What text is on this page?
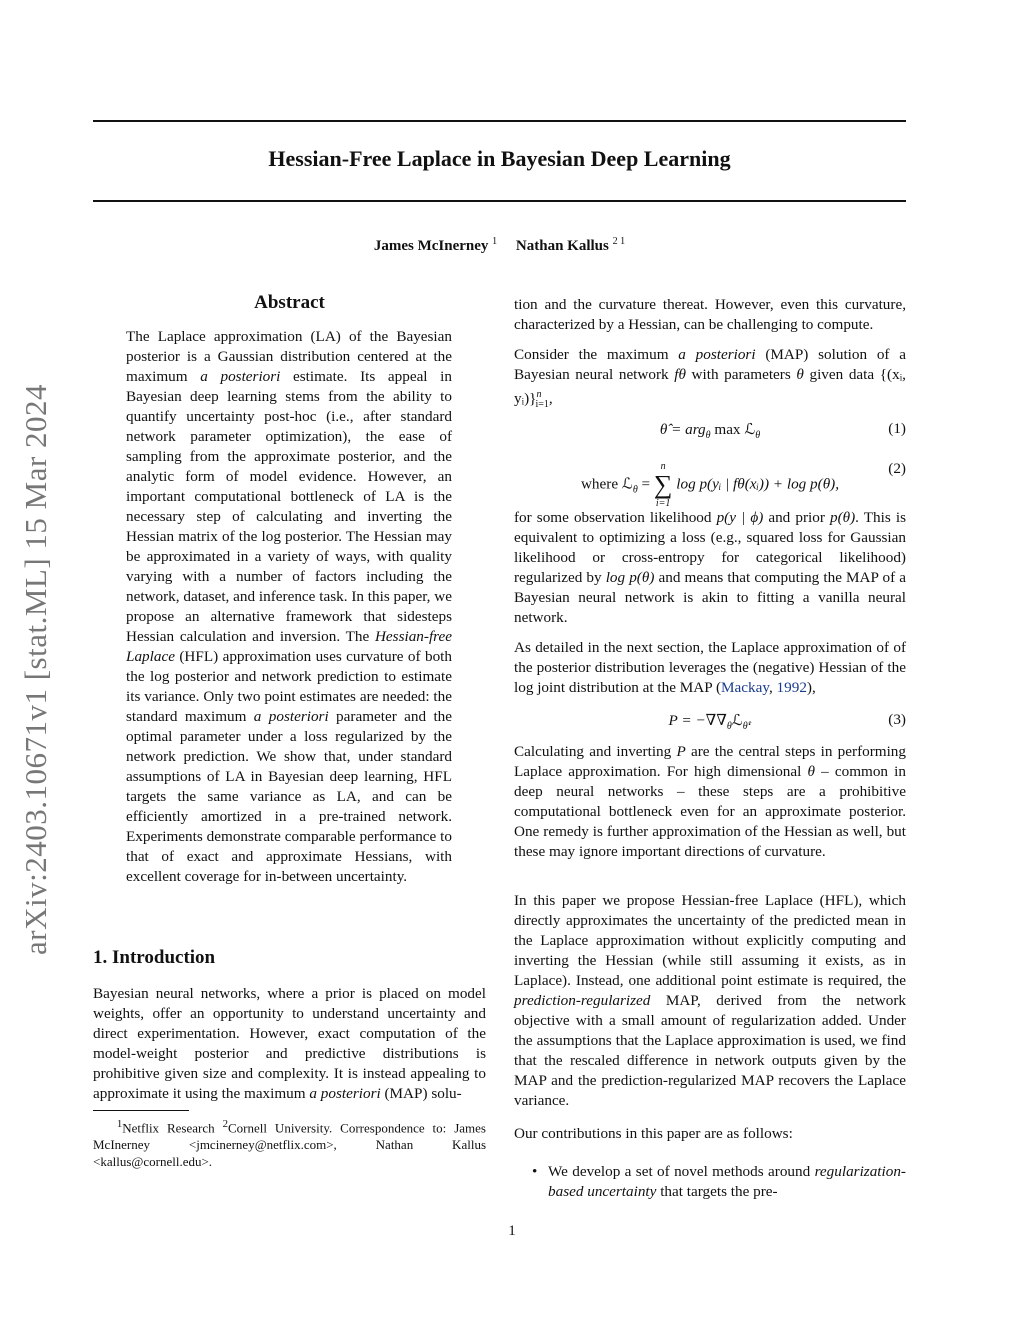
arXiv:2403.10671v1 [stat.ML] 15 Mar 2024
Hessian-Free Laplace in Bayesian Deep Learning
James McInerney $^1$ Nathan Kallus $^{2 1}$
Abstract
The Laplace approximation (LA) of the Bayesian posterior is a Gaussian distribution centered at the maximum a posteriori estimate. Its appeal in Bayesian deep learning stems from the ability to quantify uncertainty post-hoc (i.e., after standard network parameter optimization), the ease of sampling from the approximate posterior, and the analytic form of model evidence. However, an important computational bottleneck of LA is the necessary step of calculating and inverting the Hessian matrix of the log posterior. The Hessian may be approximated in a variety of ways, with quality varying with a number of factors including the network, dataset, and inference task. In this paper, we propose an alternative framework that sidesteps Hessian calculation and inversion. The Hessian-free Laplace (HFL) approximation uses curvature of both the log posterior and network prediction to estimate its variance. Only two point estimates are needed: the standard maximum a posteriori parameter and the optimal parameter under a loss regularized by the network prediction. We show that, under standard assumptions of LA in Bayesian deep learning, HFL targets the same variance as LA, and can be efficiently amortized in a pre-trained network. Experiments demonstrate comparable performance to that of exact and approximate Hessians, with excellent coverage for in-between uncertainty.
1. Introduction
Bayesian neural networks, where a prior is placed on model weights, offer an opportunity to understand uncertainty and direct experimentation. However, exact computation of the model-weight posterior and predictive distributions is prohibitive given size and complexity. It is instead appealing to approximate it using the maximum a posteriori (MAP) solu-
$^1$Netflix Research $^2$Cornell University. Correspondence to: James McInerney <jmcinerney@netflix.com>, Nathan Kallus <kallus@cornell.edu>.
tion and the curvature thereat. However, even this curvature, characterized by a Hessian, can be challenging to compute.
Consider the maximum a posteriori (MAP) solution of a Bayesian neural network fθ with parameters θ given data {(xᵢ, yᵢ)}$^n_{i=1}$,
θ̂ = arg$_\theta$ max ℒ$_\theta$	(1)
where ℒ$_\theta$ =
n
∑
i=1
log p(yᵢ | fθ(xᵢ)) + log p(θ),
(2)
for some observation likelihood p(y | ϕ) and prior p(θ). This is equivalent to optimizing a loss (e.g., squared loss for Gaussian likelihood or cross-entropy for categorical likelihood) regularized by log p(θ) and means that computing the MAP of a Bayesian neural network is akin to fitting a vanilla neural network.
As detailed in the next section, the Laplace approximation of of the posterior distribution leverages the (negative) Hessian of the log joint distribution at the MAP (Mackay, 1992),
$P = -\nabla\nabla_\theta ℒ_{\thetâ}$.	(3)
Calculating and inverting P are the central steps in performing Laplace approximation. For high dimensional θ – common in deep neural networks – these steps are a prohibitive computational bottleneck even for an approximate posterior. One remedy is further approximation of the Hessian as well, but these may ignore important directions of curvature.
In this paper we propose Hessian-free Laplace (HFL), which directly approximates the uncertainty of the predicted mean in the Laplace approximation without explicitly computing and inverting the Hessian (while still assuming it exists, as in Laplace). Instead, one additional point estimate is required, the prediction-regularized MAP, derived from the network objective with a small amount of regularization added. Under the assumptions that the Laplace approximation is used, we find that the rescaled difference in network outputs given by the MAP and the prediction-regularized MAP recovers the Laplace variance.
Our contributions in this paper are as follows:
• We develop a set of novel methods around regularization-based uncertainty that targets the pre-
1
